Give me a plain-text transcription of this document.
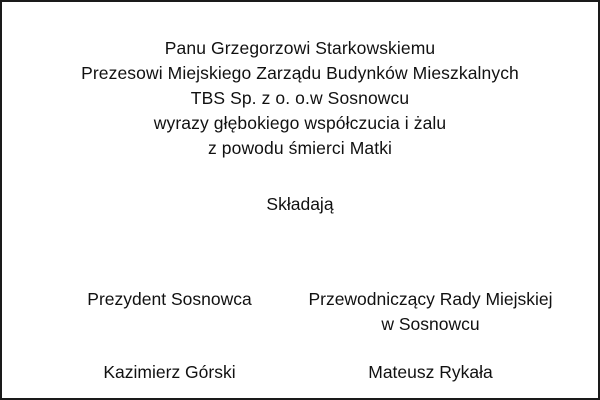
Panu Grzegorzowi Starkowskiemu
Prezesowi Miejskiego Zarządu Budynków Mieszkalnych
TBS Sp. z o. o.w Sosnowcu
wyrazy głębokiego współczucia i żalu
z powodu śmierci Matki
Składają
Prezydent Sosnowca
Kazimierz Górski
Przewodniczący Rady Miejskiej
w Sosnowcu
Mateusz Rykała
